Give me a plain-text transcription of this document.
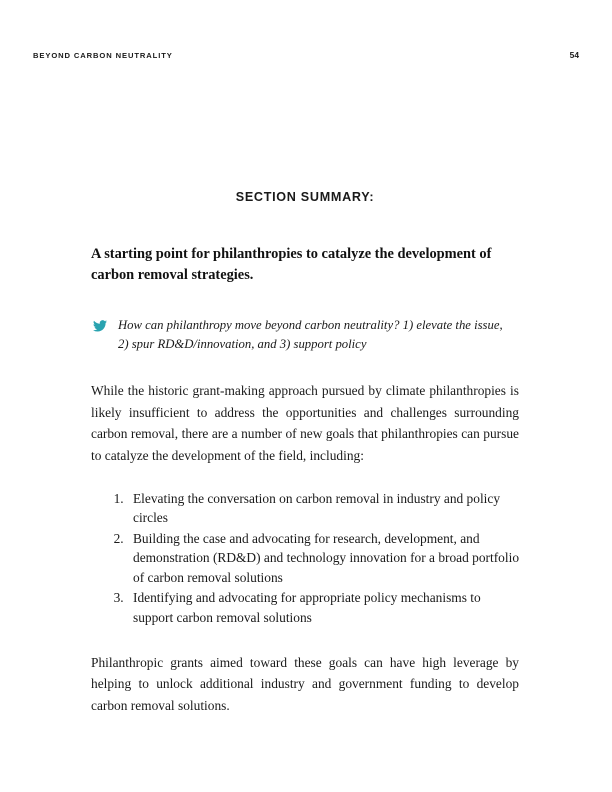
BEYOND CARBON NEUTRALITY	54
SECTION SUMMARY:
A starting point for philanthropies to catalyze the development of carbon removal strategies.
How can philanthropy move beyond carbon neutrality? 1) elevate the issue, 2) spur RD&D/innovation, and 3) support policy

While the historic grant-making approach pursued by climate philanthropies is likely insufficient to address the opportunities and challenges surrounding carbon removal, there are a number of new goals that philanthropies can pursue to catalyze the development of the field, including:

1. Elevating the conversation on carbon removal in industry and policy circles
2. Building the case and advocating for research, development, and demonstration (RD&D) and technology innovation for a broad portfolio of carbon removal solutions
3. Identifying and advocating for appropriate policy mechanisms to support carbon removal solutions

Philanthropic grants aimed toward these goals can have high leverage by helping to unlock additional industry and government funding to develop carbon removal solutions.
